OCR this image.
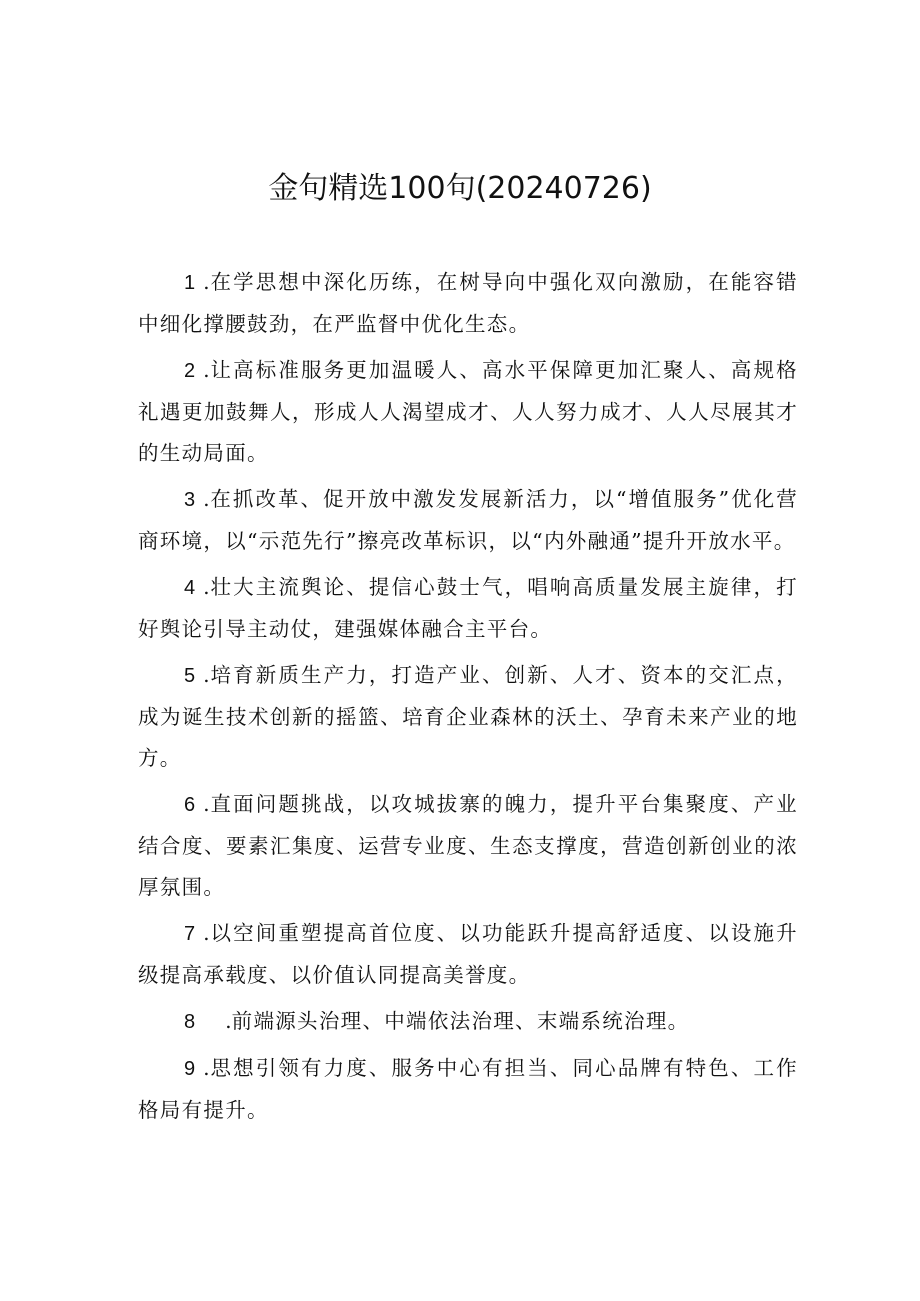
金句精选100句(20240726)

1 .在学思想中深化历练，在树导向中强化双向激励，在能容错中细化撑腰鼓劲，在严监督中优化生态。

2 .让高标准服务更加温暖人、高水平保障更加汇聚人、高规格礼遇更加鼓舞人，形成人人渴望成才、人人努力成才、人人尽展其才的生动局面。

3 .在抓改革、促开放中激发发展新活力，以“增值服务”优化营商环境，以“示范先行”擦亮改革标识，以“内外融通”提升开放水平。

4 .壮大主流舆论、提信心鼓士气，唱响高质量发展主旋律，打好舆论引导主动仗，建强媒体融合主平台。

5 .培育新质生产力，打造产业、创新、人才、资本的交汇点，成为诞生技术创新的摇篮、培育企业森林的沃土、孕育未来产业的地方。

6 .直面问题挑战，以攻城拔寨的魄力，提升平台集聚度、产业结合度、要素汇集度、运营专业度、生态支撑度，营造创新创业的浓厚氛围。

7 .以空间重塑提高首位度、以功能跃升提高舒适度、以设施升级提高承载度、以价值认同提高美誉度。

8 .前端源头治理、中端依法治理、末端系统治理。

9 .思想引领有力度、服务中心有担当、同心品牌有特色、工作格局有提升。
